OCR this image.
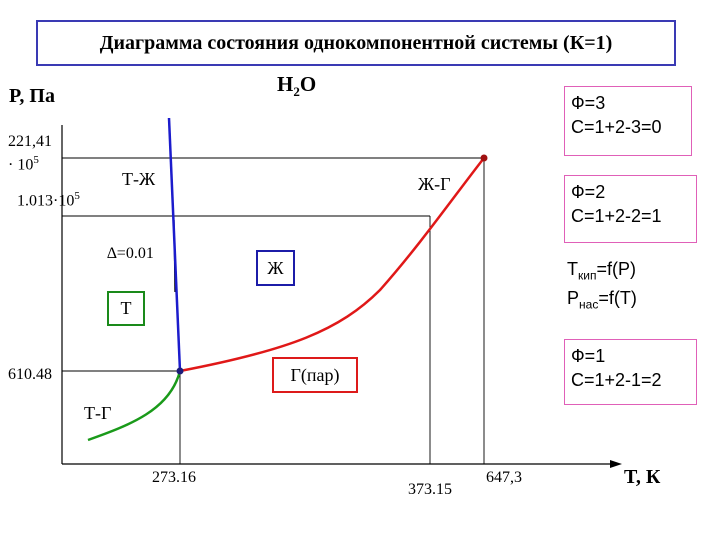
Диаграмма состояния однокомпонентной системы (К=1)
$H_2O$
P, Па
T, К
221,41
· $10^5$
$1.013\cdot 10^5$
610.48
273.16
373.15
647,3
Т-Ж	Ж-Г
Т-Г
∆=0.01
Т
Ж
Г(пар)
Ф=3
С=1+2-3=0
Ф=2
С=1+2-2=1
Ф=1
С=1+2-1=2
$Т_{кип}=f(P)$
$Р_{нас}=f(T)$
